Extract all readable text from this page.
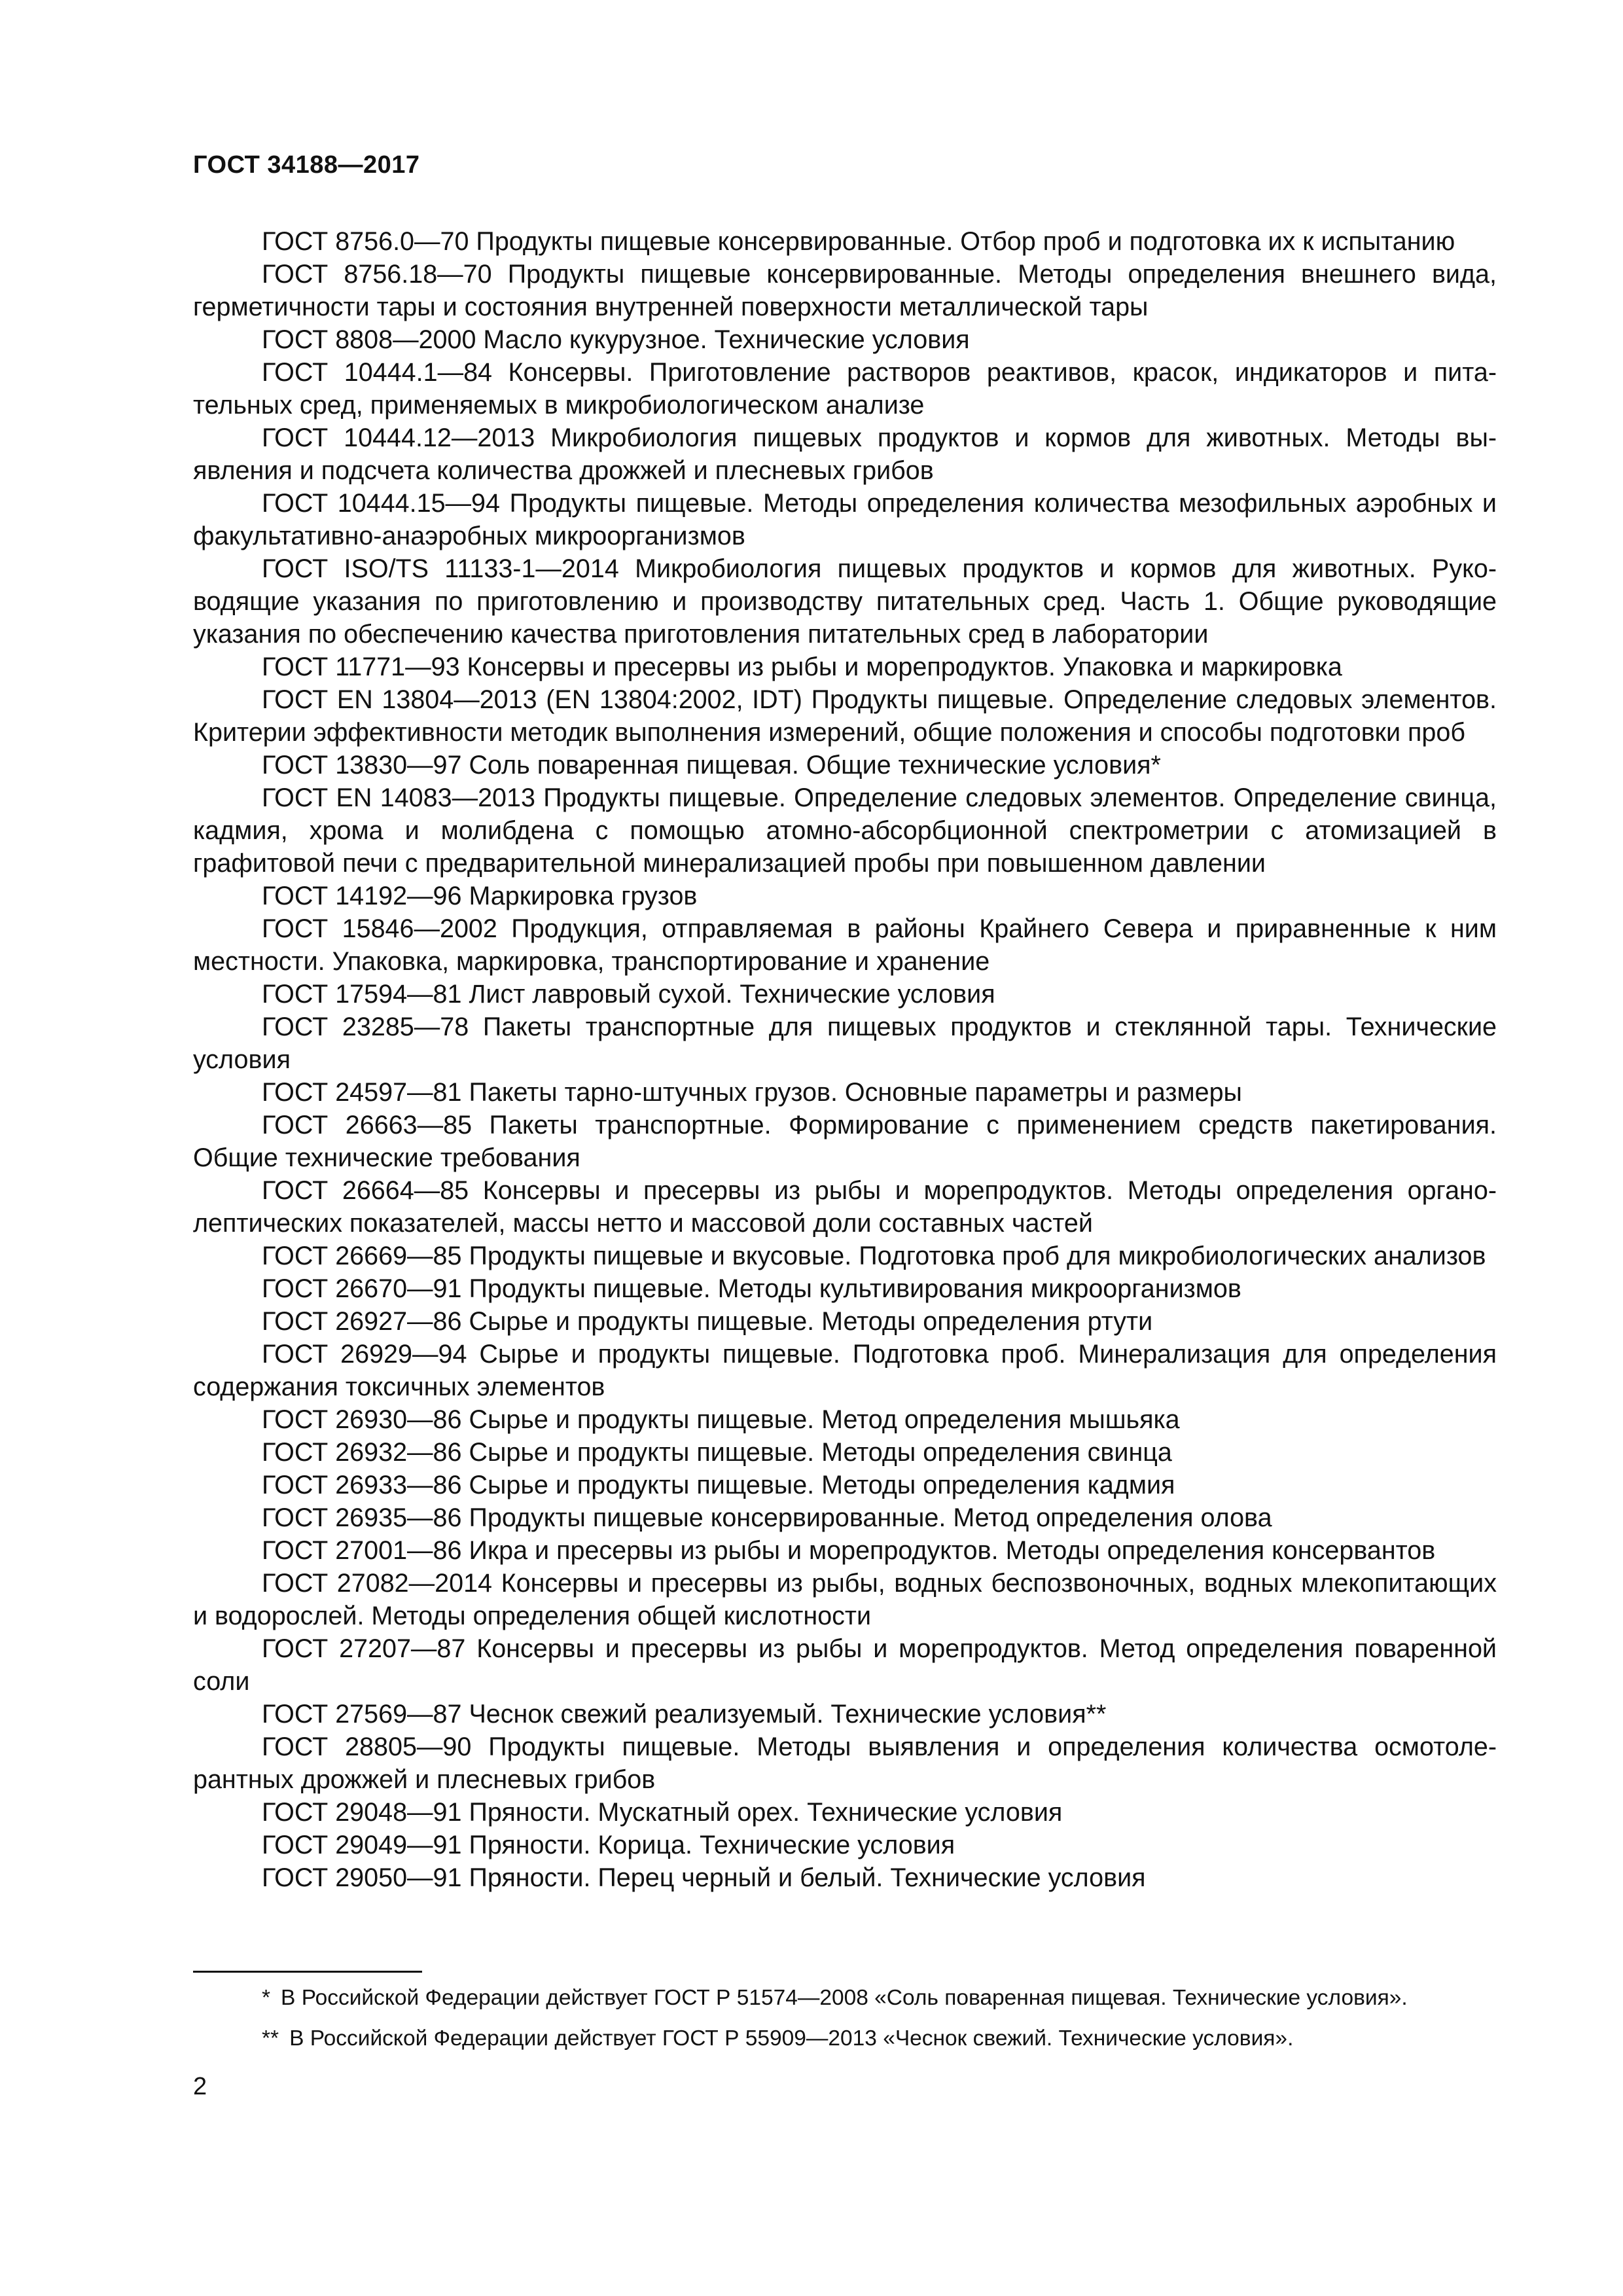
ГОСТ 34188—2017

ГОСТ 8756.0—70 Продукты пищевые консервированные. Отбор проб и подготовка их к испытанию

ГОСТ 8756.18—70 Продукты пищевые консервированные. Методы определения внешнего вида, герметичности тары и состояния внутренней поверхности металлической тары

ГОСТ 8808—2000 Масло кукурузное. Технические условия

ГОСТ 10444.1—84 Консервы. Приготовление растворов реактивов, красок, индикаторов и питательных сред, применяемых в микробиологическом анализе

ГОСТ 10444.12—2013 Микробиология пищевых продуктов и кормов для животных. Методы выявления и подсчета количества дрожжей и плесневых грибов

ГОСТ 10444.15—94 Продукты пищевые. Методы определения количества мезофильных аэробных и факультативно-анаэробных микроорганизмов

ГОСТ ISO/TS 11133-1—2014 Микробиология пищевых продуктов и кормов для животных. Руководящие указания по приготовлению и производству питательных сред. Часть 1. Общие руководящие указания по обеспечению качества приготовления питательных сред в лаборатории

ГОСТ 11771—93 Консервы и пресервы из рыбы и морепродуктов. Упаковка и маркировка

ГОСТ EN 13804—2013 (EN 13804:2002, IDT) Продукты пищевые. Определение следовых элементов. Критерии эффективности методик выполнения измерений, общие положения и способы подготовки проб

ГОСТ 13830—97 Соль поваренная пищевая. Общие технические условия*

ГОСТ EN 14083—2013 Продукты пищевые. Определение следовых элементов. Определение свинца, кадмия, хрома и молибдена с помощью атомно-абсорбционной спектрометрии с атомизацией в графитовой печи с предварительной минерализацией пробы при повышенном давлении

ГОСТ 14192—96 Маркировка грузов

ГОСТ 15846—2002 Продукция, отправляемая в районы Крайнего Севера и приравненные к ним местности. Упаковка, маркировка, транспортирование и хранение

ГОСТ 17594—81 Лист лавровый сухой. Технические условия

ГОСТ 23285—78 Пакеты транспортные для пищевых продуктов и стеклянной тары. Технические условия

ГОСТ 24597—81 Пакеты тарно-штучных грузов. Основные параметры и размеры

ГОСТ 26663—85 Пакеты транспортные. Формирование с применением средств пакетирования. Общие технические требования

ГОСТ 26664—85 Консервы и пресервы из рыбы и морепродуктов. Методы определения органолептических показателей, массы нетто и массовой доли составных частей

ГОСТ 26669—85 Продукты пищевые и вкусовые. Подготовка проб для микробиологических анализов

ГОСТ 26670—91 Продукты пищевые. Методы культивирования микроорганизмов

ГОСТ 26927—86 Сырье и продукты пищевые. Методы определения ртути

ГОСТ 26929—94 Сырье и продукты пищевые. Подготовка проб. Минерализация для определения содержания токсичных элементов

ГОСТ 26930—86 Сырье и продукты пищевые. Метод определения мышьяка

ГОСТ 26932—86 Сырье и продукты пищевые. Методы определения свинца

ГОСТ 26933—86 Сырье и продукты пищевые. Методы определения кадмия

ГОСТ 26935—86 Продукты пищевые консервированные. Метод определения олова

ГОСТ 27001—86 Икра и пресервы из рыбы и морепродуктов. Методы определения консервантов

ГОСТ 27082—2014 Консервы и пресервы из рыбы, водных беспозвоночных, водных млекопитающих и водорослей. Методы определения общей кислотности

ГОСТ 27207—87 Консервы и пресервы из рыбы и морепродуктов. Метод определения поваренной соли

ГОСТ 27569—87 Чеснок свежий реализуемый. Технические условия**

ГОСТ 28805—90 Продукты пищевые. Методы выявления и определения количества осмотолерантных дрожжей и плесневых грибов

ГОСТ 29048—91 Пряности. Мускатный орех. Технические условия

ГОСТ 29049—91 Пряности. Корица. Технические условия

ГОСТ 29050—91 Пряности. Перец черный и белый. Технические условия

* В Российской Федерации действует ГОСТ Р 51574—2008 «Соль поваренная пищевая. Технические условия».

** В Российской Федерации действует ГОСТ Р 55909—2013 «Чеснок свежий. Технические условия».

2
